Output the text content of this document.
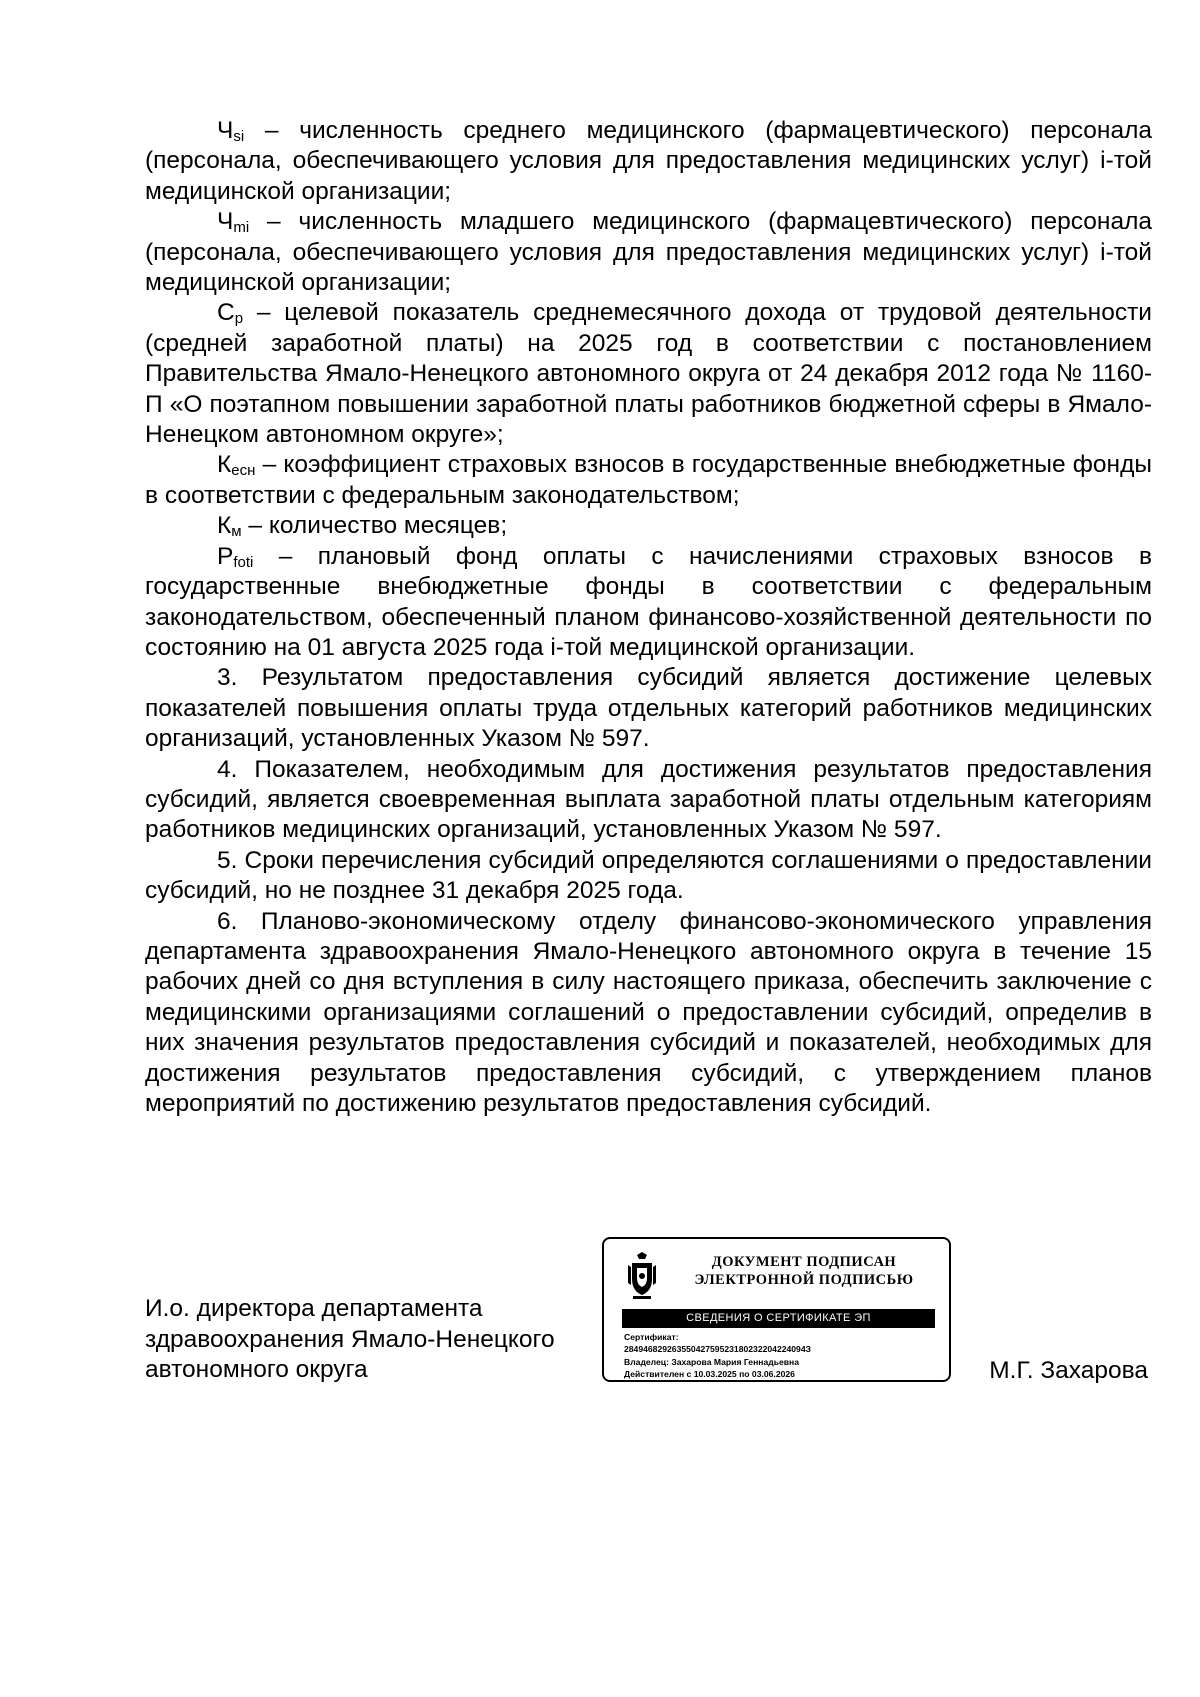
$Ч_{si}$ – численность среднего медицинского (фармацевтического) персонала (персонала, обеспечивающего условия для предоставления медицинских услуг) i-той медицинской организации;

$Ч_{mi}$ – численность младшего медицинского (фармацевтического) персонала (персонала, обеспечивающего условия для предоставления медицинских услуг) i-той медицинской организации;

$С_р$ – целевой показатель среднемесячного дохода от трудовой деятельности (средней заработной платы) на 2025 год в соответствии с постановлением Правительства Ямало-Ненецкого автономного округа от 24 декабря 2012 года № 1160-П «О поэтапном повышении заработной платы работников бюджетной сферы в Ямало-Ненецком автономном округе»;

$К_{есн}$ – коэффициент страховых взносов в государственные внебюджетные фонды в соответствии с федеральным законодательством;

$К_м$ – количество месяцев;

$Р_{foti}$ – плановый фонд оплаты с начислениями страховых взносов в государственные внебюджетные фонды в соответствии с федеральным законодательством, обеспеченный планом финансово-хозяйственной деятельности по состоянию на 01 августа 2025 года i-той медицинской организации.

3. Результатом предоставления субсидий является достижение целевых показателей повышения оплаты труда отдельных категорий работников медицинских организаций, установленных Указом № 597.

4. Показателем, необходимым для достижения результатов предоставления субсидий, является своевременная выплата заработной платы отдельным категориям работников медицинских организаций, установленных Указом № 597.

5. Сроки перечисления субсидий определяются соглашениями о предоставлении субсидий, но не позднее 31 декабря 2025 года.

6. Планово-экономическому отделу финансово-экономического управления департамента здравоохранения Ямало-Ненецкого автономного округа в течение 15 рабочих дней со дня вступления в силу настоящего приказа, обеспечить заключение с медицинскими организациями соглашений о предоставлении субсидий, определив в них значения результатов предоставления субсидий и показателей, необходимых для достижения результатов предоставления субсидий, с утверждением планов мероприятий по достижению результатов предоставления субсидий.

И.о. директора департамента
здравоохранения Ямало-Ненецкого
автономного округа
ДОКУМЕНТ ПОДПИСАН
ЭЛЕКТРОННОЙ ПОДПИСЬЮ
СВЕДЕНИЯ О СЕРТИФИКАТЕ ЭП
Сертификат:
28494682926355042759523180232204224094З
Владелец: Захарова Мария Геннадьевна
Действителен с 10.03.2025 по 03.06.2026	М.Г. Захарова
